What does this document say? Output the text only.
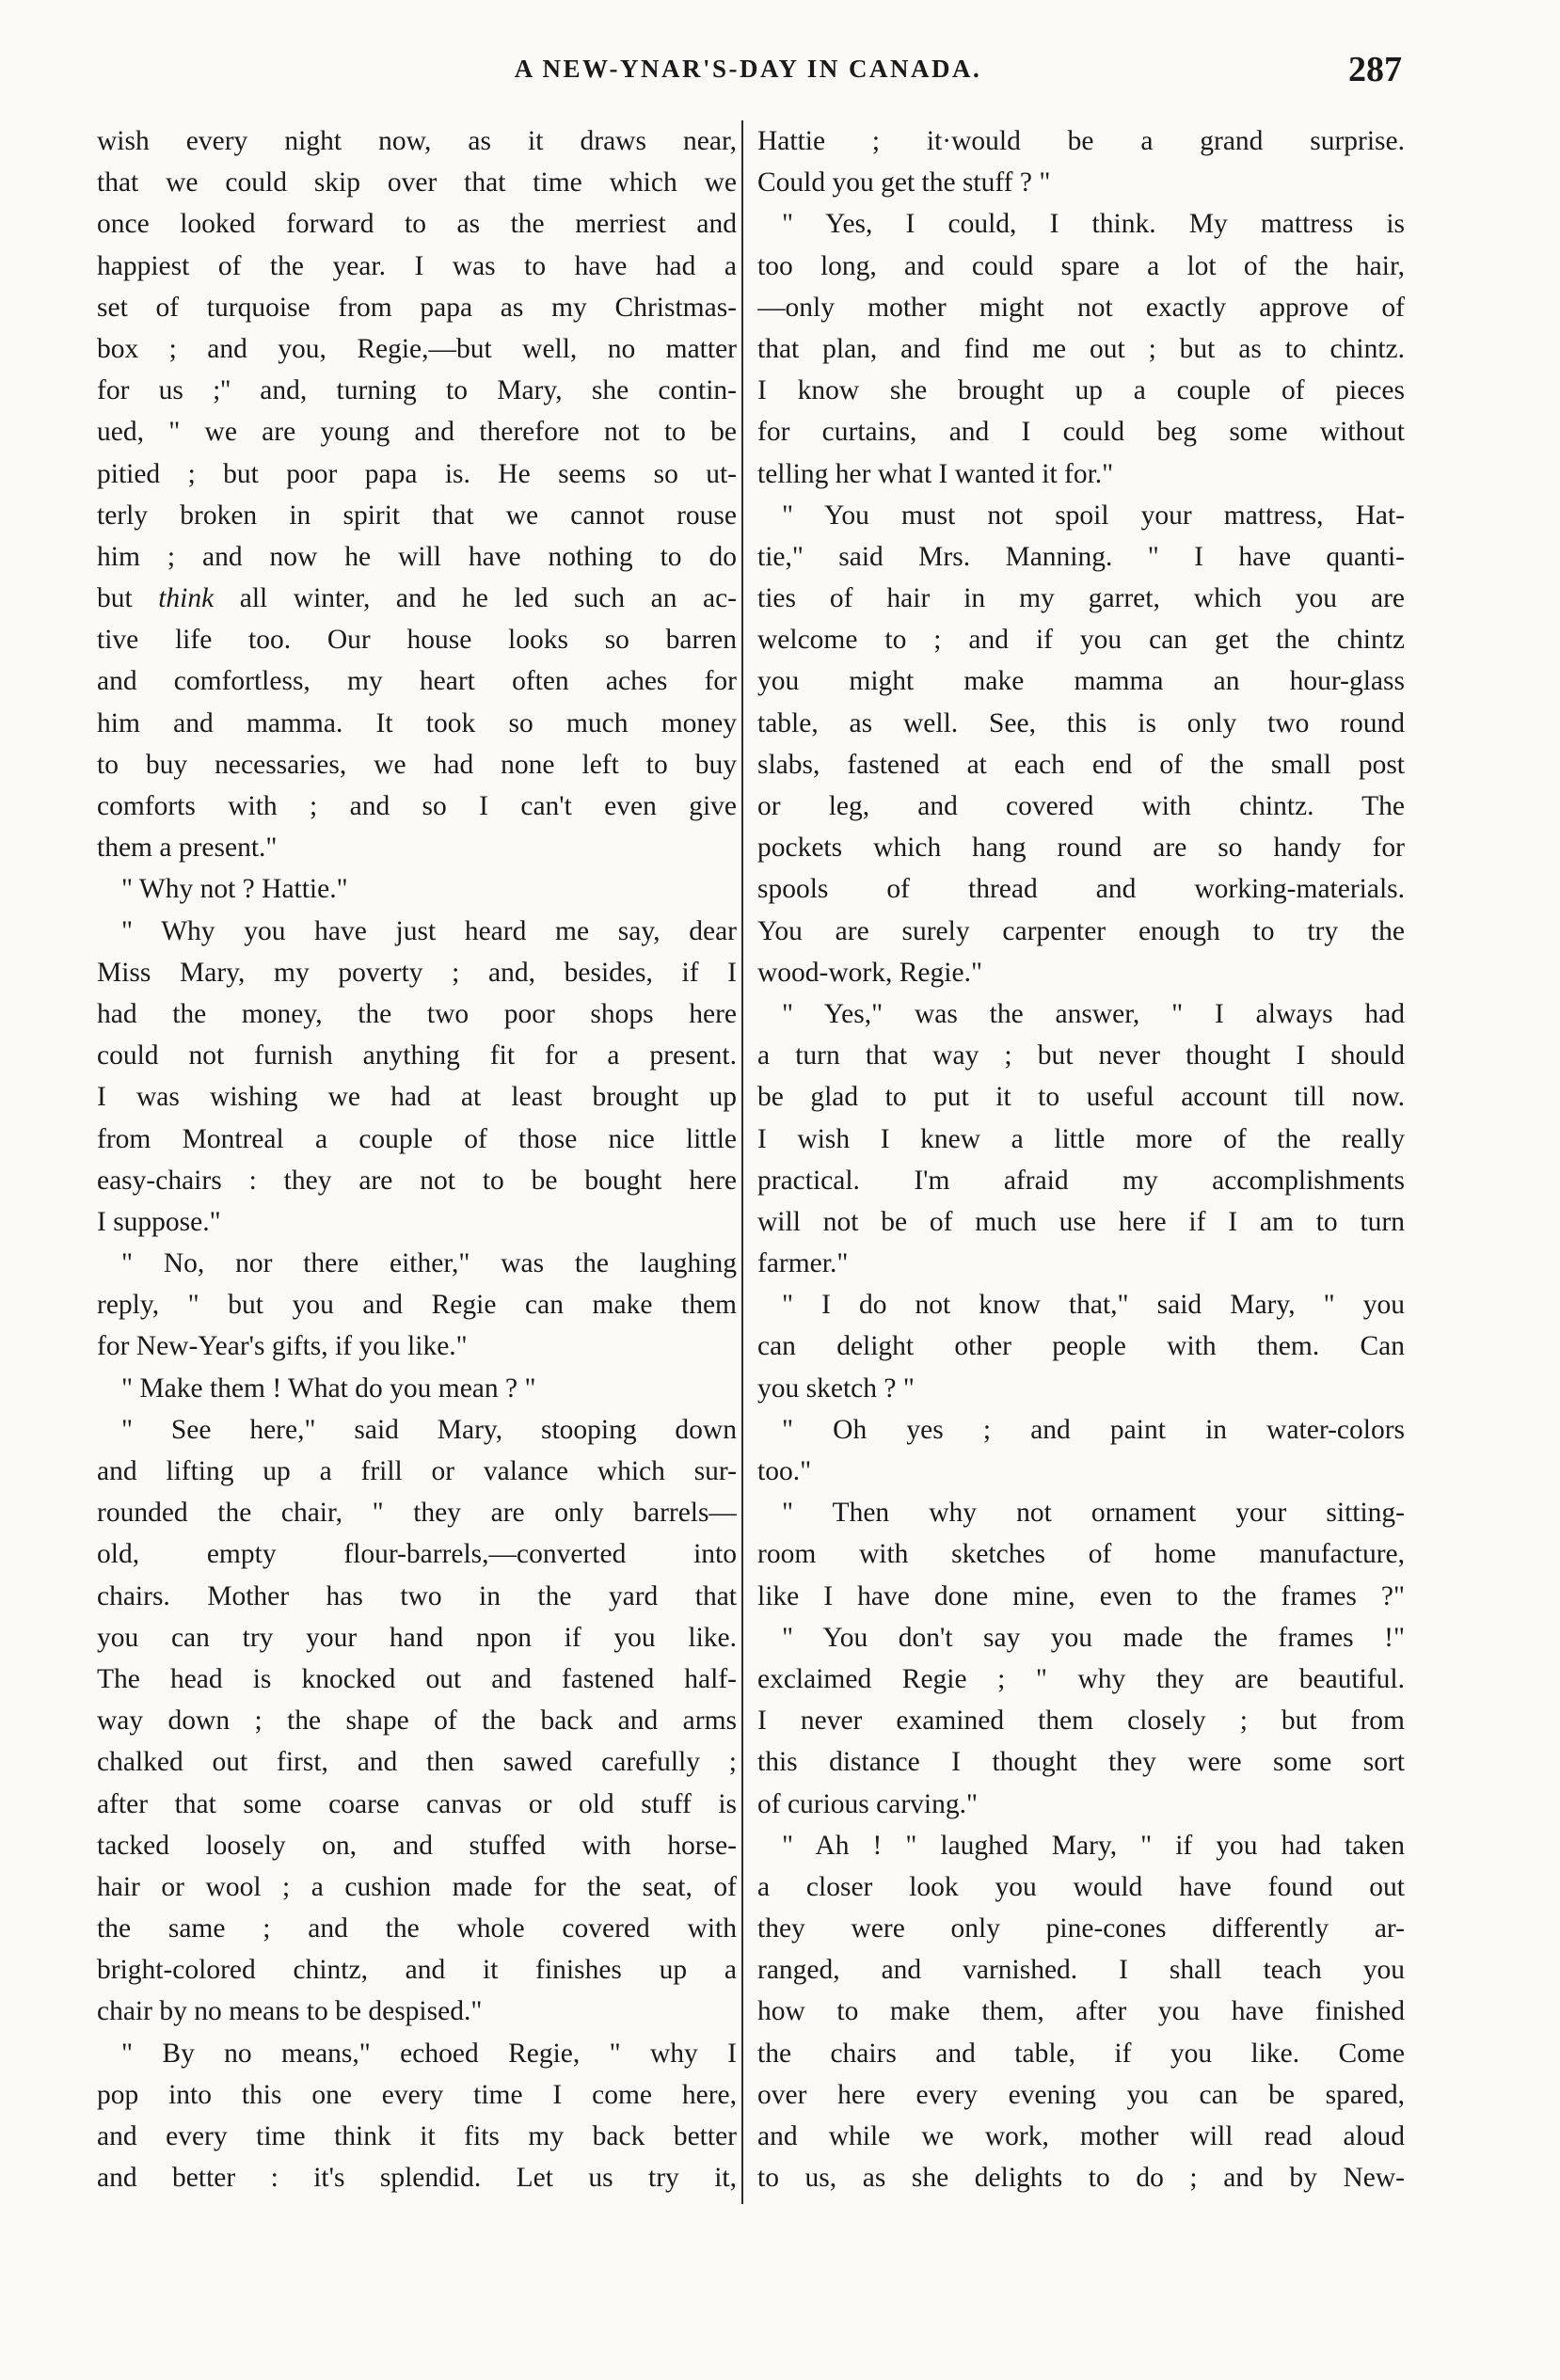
A NEW-YNAR'S-DAY IN CANADA.	287
wish every night now, as it draws near,
that we could skip over that time which we
once looked forward to as the merriest and
happiest of the year. I was to have had a
set of turquoise from papa as my Christmas-
box ; and you, Regie,—but well, no matter
for us ;'' and, turning to Mary, she contin-
ued, " we are young and therefore not to be
pitied ; but poor papa is. He seems so ut-
terly broken in spirit that we cannot rouse
him ; and now he will have nothing to do
but think all winter, and he led such an ac-
tive life too. Our house looks so barren
and comfortless, my heart often aches for
him and mamma. It took so much money
to buy necessaries, we had none left to buy
comforts with ; and so I can't even give
them a present."
" Why not ? Hattie."
" Why you have just heard me say, dear
Miss Mary, my poverty ; and, besides, if I
had the money, the two poor shops here
could not furnish anything fit for a present.
I was wishing we had at least brought up
from Montreal a couple of those nice little
easy-chairs : they are not to be bought here
I suppose."
" No, nor there either," was the laughing
reply, " but you and Regie can make them
for New-Year's gifts, if you like."
" Make them ! What do you mean ? "
" See here," said Mary, stooping down
and lifting up a frill or valance which sur-
rounded the chair, " they are only barrels—
old, empty flour-barrels,—converted into
chairs. Mother has two in the yard that
you can try your hand npon if you like.
The head is knocked out and fastened half-
way down ; the shape of the back and arms
chalked out first, and then sawed carefully ;
after that some coarse canvas or old stuff is
tacked loosely on, and stuffed with horse-
hair or wool ; a cushion made for the seat, of
the same ; and the whole covered with
bright-colored chintz, and it finishes up a
chair by no means to be despised."
" By no means," echoed Regie, " why I
pop into this one every time I come here,
and every time think it fits my back better
and better : it's splendid. Let us try it,
Hattie ; it·would be a grand surprise.
Could you get the stuff ? "
" Yes, I could, I think. My mattress is
too long, and could spare a lot of the hair,
—only mother might not exactly approve of
that plan, and find me out ; but as to chintz.
I know she brought up a couple of pieces
for curtains, and I could beg some without
telling her what I wanted it for."
" You must not spoil your mattress, Hat-
tie," said Mrs. Manning. " I have quanti-
ties of hair in my garret, which you are
welcome to ; and if you can get the chintz
you might make mamma an hour-glass
table, as well. See, this is only two round
slabs, fastened at each end of the small post
or leg, and covered with chintz. The
pockets which hang round are so handy for
spools of thread and working-materials.
You are surely carpenter enough to try the
wood-work, Regie."
" Yes," was the answer, " I always had
a turn that way ; but never thought I should
be glad to put it to useful account till now.
I wish I knew a little more of the really
practical. I'm afraid my accomplishments
will not be of much use here if I am to turn
farmer."
" I do not know that," said Mary, " you
can delight other people with them. Can
you sketch ? "
" Oh yes ; and paint in water-colors
too."
" Then why not ornament your sitting-
room with sketches of home manufacture,
like I have done mine, even to the frames ?"
" You don't say you made the frames !"
exclaimed Regie ; " why they are beautiful.
I never examined them closely ; but from
this distance I thought they were some sort
of curious carving."
" Ah ! " laughed Mary, " if you had taken
a closer look you would have found out
they were only pine-cones differently ar-
ranged, and varnished. I shall teach you
how to make them, after you have finished
the chairs and table, if you like. Come
over here every evening you can be spared,
and while we work, mother will read aloud
to us, as she delights to do ; and by New-
